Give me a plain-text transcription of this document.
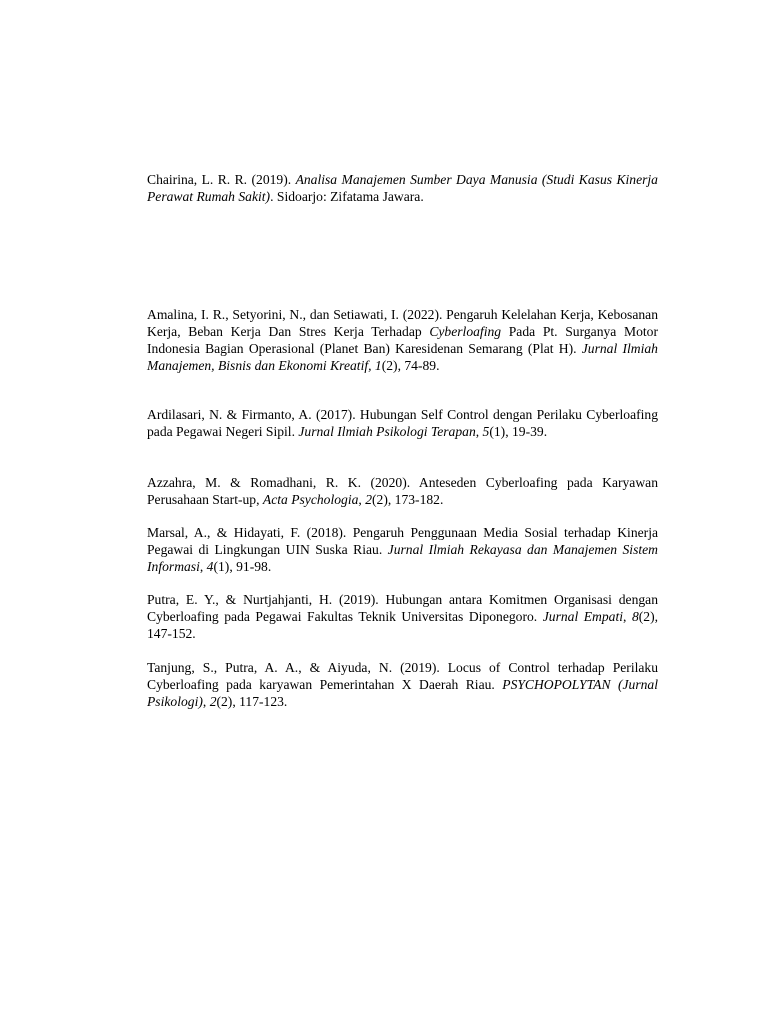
Chairina, L. R. R. (2019). Analisa Manajemen Sumber Daya Manusia (Studi Kasus Kinerja Perawat Rumah Sakit). Sidoarjo: Zifatama Jawara.

Amalina, I. R., Setyorini, N., dan Setiawati, I. (2022). Pengaruh Kelelahan Kerja, Kebosanan Kerja, Beban Kerja Dan Stres Kerja Terhadap Cyberloafing Pada Pt. Surganya Motor Indonesia Bagian Operasional (Planet Ban) Karesidenan Semarang (Plat H). Jurnal Ilmiah Manajemen, Bisnis dan Ekonomi Kreatif, 1(2), 74-89.

Ardilasari, N. & Firmanto, A. (2017). Hubungan Self Control dengan Perilaku Cyberloafing pada Pegawai Negeri Sipil. Jurnal Ilmiah Psikologi Terapan, 5(1), 19-39.

Azzahra, M. & Romadhani, R. K. (2020). Anteseden Cyberloafing pada Karyawan Perusahaan Start-up, Acta Psychologia, 2(2), 173-182.

Marsal, A., & Hidayati, F. (2018). Pengaruh Penggunaan Media Sosial terhadap Kinerja Pegawai di Lingkungan UIN Suska Riau. Jurnal Ilmiah Rekayasa dan Manajemen Sistem Informasi, 4(1), 91-98.

Putra, E. Y., & Nurtjahjanti, H. (2019). Hubungan antara Komitmen Organisasi dengan Cyberloafing pada Pegawai Fakultas Teknik Universitas Diponegoro. Jurnal Empati, 8(2), 147-152.

Tanjung, S., Putra, A. A., & Aiyuda, N. (2019). Locus of Control terhadap Perilaku Cyberloafing pada karyawan Pemerintahan X Daerah Riau. PSYCHOPOLYTAN (Jurnal Psikologi), 2(2), 117-123.
